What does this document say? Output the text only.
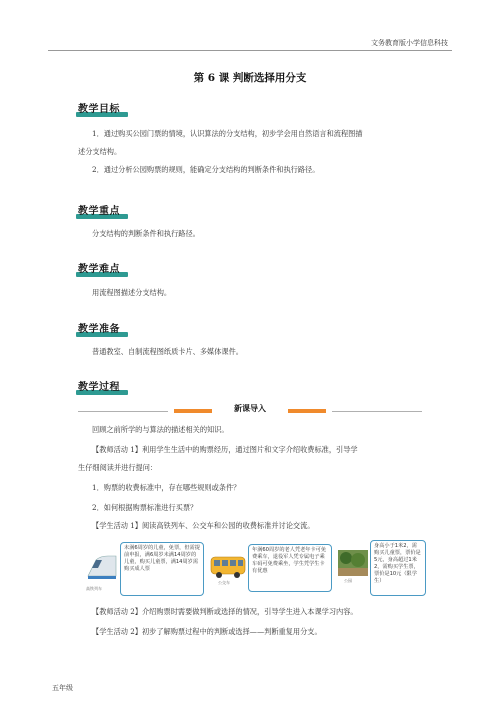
文务教育版小学信息科技
第 6 课 判断选择用分支
教学目标
1．通过购买公园门票的情境，认识算法的分支结构，初步学会用自然语言和流程图描
述分支结构。
2．通过分析公园购票的规则，能确定分支结构的判断条件和执行路径。
教学重点
分支结构的判断条件和执行路径。
教学难点
用流程图描述分支结构。
教学准备
普通教室、自制流程图纸质卡片、多媒体课件。
教学过程
新课导入
回顾之前所学的与算法的描述相关的知识。
【教师活动 1】利用学生生活中的购票经历，通过图片和文字介绍收费标准，引导学
生仔细阅读并进行提问：
1．购票的收费标准中，存在哪些规则或条件？
2．如何根据购票标准进行买票？
【学生活动 1】阅读高铁列车、公交车和公园的收费标准并讨论交流。
高铁列车
未满6周岁的儿童，免票，但需提前申报，满6周岁未满14周岁的儿童，购买儿童票，满14周岁需购买成人票
公交车
年满60周岁的老人凭老年卡可免费乘车，退役军人凭专属电子乘车码可免费乘坐，学生凭学生卡有优惠
公园
身高小于1米2，需购买儿童票，票价是5元，身高超过1米2，需购买学生票，票价是10元（限学生）
【教师活动 2】介绍购票时需要做判断或选择的情况，引导学生进入本课学习内容。
【学生活动 2】初步了解购票过程中的判断或选择——判断重复用分支。
五年级
